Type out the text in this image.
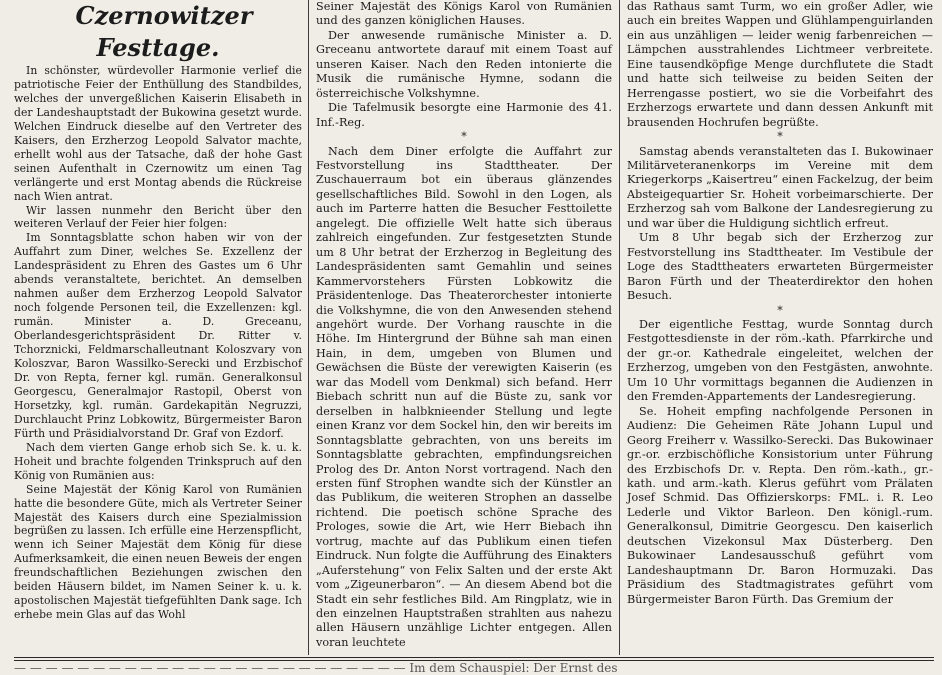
Czernowitzer Festtage.

In schönster, würdevoller Harmonie verlief die patriotische Feier der Enthüllung des Standbildes, welches der unvergeßlichen Kaiserin Elisabeth in der Landeshauptstadt der Bukowina gesetzt wurde. Welchen Eindruck dieselbe auf den Vertreter des Kaisers, den Erzherzog Leopold Salvator machte, erhellt wohl aus der Tatsache, daß der hohe Gast seinen Aufenthalt in Czernowitz um einen Tag verlängerte und erst Montag abends die Rückreise nach Wien antrat.

Wir lassen nunmehr den Bericht über den weiteren Verlauf der Feier hier folgen:

Im Sonntagsblatte schon haben wir von der Auffahrt zum Diner, welches Se. Exzellenz der Landespräsident zu Ehren des Gastes um 6 Uhr abends veranstaltete, berichtet. An demselben nahmen außer dem Erzherzog Leopold Salvator noch folgende Personen teil, die Exzellenzen: kgl. rumän. Minister a. D. Greceanu, Oberlandesgerichtspräsident Dr. Ritter v. Tchorznicki, Feldmarschalleutnant Koloszvary von Koloszvar, Baron Wassilko-Serecki und Erzbischof Dr. von Repta, ferner kgl. rumän. Generalkonsul Georgescu, Generalmajor Rastopil, Oberst von Horsetzky, kgl. rumän. Gardekapitän Negruzzi, Durchlaucht Prinz Lobkowitz, Bürgermeister Baron Fürth und Präsidialvorstand Dr. Graf von Ezdorf.

Nach dem vierten Gange erhob sich Se. k. u. k. Hoheit und brachte folgenden Trinkspruch auf den König von Rumänien aus:

Seine Majestät der König Karol von Rumänien hatte die besondere Güte, mich als Vertreter Seiner Majestät des Kaisers durch eine Spezialmission begrüßen zu lassen. Ich erfülle eine Herzenspflicht, wenn ich Seiner Majestät dem König für diese Aufmerksamkeit, die einen neuen Beweis der engen freundschaftlichen Beziehungen zwischen den beiden Häusern bildet, im Namen Seiner k. u. k. apostolischen Majestät tiefgefühlten Dank sage. Ich erhebe mein Glas auf das Wohl

Seiner Majestät des Königs Karol von Rumänien und des ganzen königlichen Hauses.

Der anwesende rumänische Minister a. D. Greceanu antwortete darauf mit einem Toast auf unseren Kaiser. Nach den Reden intonierte die Musik die rumänische Hymne, sodann die österreichische Volkshymne.

Die Tafelmusik besorgte eine Harmonie des 41. Inf.-Reg.

*

Nach dem Diner erfolgte die Auffahrt zur Festvorstellung ins Stadttheater. Der Zuschauerraum bot ein überaus glänzendes gesellschaftliches Bild. Sowohl in den Logen, als auch im Parterre hatten die Besucher Festtoilette angelegt. Die offizielle Welt hatte sich überaus zahlreich eingefunden. Zur festgesetzten Stunde um 8 Uhr betrat der Erzherzog in Begleitung des Landespräsidenten samt Gemahlin und seines Kammervorstehers Fürsten Lobkowitz die Präsidentenloge. Das Theaterorchester intonierte die Volkshymne, die von den Anwesenden stehend angehört wurde. Der Vorhang rauschte in die Höhe. Im Hintergrund der Bühne sah man einen Hain, in dem, umgeben von Blumen und Gewächsen die Büste der verewigten Kaiserin (es war das Modell vom Denkmal) sich befand. Herr Biebach schritt nun auf die Büste zu, sank vor derselben in halbknieender Stellung und legte einen Kranz vor dem Sockel hin, den wir bereits im Sonntagsblatte gebrachten, von uns bereits im Sonntagsblatte gebrachten, empfindungsreichen Prolog des Dr. Anton Norst vortragend. Nach den ersten fünf Strophen wandte sich der Künstler an das Publikum, die weiteren Strophen an dasselbe richtend. Die poetisch schöne Sprache des Prologes, sowie die Art, wie Herr Biebach ihn vortrug, machte auf das Publikum einen tiefen Eindruck. Nun folgte die Aufführung des Einakters „Auferstehung“ von Felix Salten und der erste Akt vom „Zigeunerbaron“. — An diesem Abend bot die Stadt ein sehr festliches Bild. Am Ringplatz, wie in den einzelnen Hauptstraßen strahlten aus nahezu allen Häusern unzählige Lichter entgegen. Allen voran leuchtete

das Rathaus samt Turm, wo ein großer Adler, wie auch ein breites Wappen und Glühlampenguirlanden ein aus unzähligen — leider wenig farbenreichen — Lämpchen ausstrahlendes Lichtmeer verbreitete. Eine tausendköpfige Menge durchflutete die Stadt und hatte sich teilweise zu beiden Seiten der Herrengasse postiert, wo sie die Vorbeifahrt des Erzherzogs erwartete und dann dessen Ankunft mit brausenden Hochrufen begrüßte.

*

Samstag abends veranstalteten das I. Bukowinaer Militärveteranenkorps im Vereine mit dem Kriegerkorps „Kaisertreu“ einen Fackelzug, der beim Absteigequartier Sr. Hoheit vorbeimarschierte. Der Erzherzog sah vom Balkone der Landesregierung zu und war über die Huldigung sichtlich erfreut.

Um 8 Uhr begab sich der Erzherzog zur Festvorstellung ins Stadttheater. Im Vestibule der Loge des Stadttheaters erwarteten Bürgermeister Baron Fürth und der Theaterdirektor den hohen Besuch.

*

Der eigentliche Festtag, wurde Sonntag durch Festgottesdienste in der röm.-kath. Pfarrkirche und der gr.-or. Kathedrale eingeleitet, welchen der Erzherzog, umgeben von den Festgästen, anwohnte. Um 10 Uhr vormittags begannen die Audienzen in den Fremden-Appartements der Landesregierung.

Se. Hoheit empfing nachfolgende Personen in Audienz: Die Geheimen Räte Johann Lupul und Georg Freiherr v. Wassilko-Serecki. Das Bukowinaer gr.-or. erzbischöfliche Konsistorium unter Führung des Erzbischofs Dr. v. Repta. Den röm.-kath., gr.-kath. und arm.-kath. Klerus geführt vom Prälaten Josef Schmid. Das Offizierskorps: FML. i. R. Leo Lederle und Viktor Barleon. Den königl.-rum. Generalkonsul, Dimitrie Georgescu. Den kaiserlich deutschen Vizekonsul Max Düsterberg. Den Bukowinaer Landesausschuß geführt vom Landeshauptmann Dr. Baron Hormuzaki. Das Präsidium des Stadtmagistrates geführt vom Bürgermeister Baron Fürth. Das Gremium der

— — — — — — — — — — — — — — — — — — — — — — — — — Im dem Schauspiel: Der Ernst des
